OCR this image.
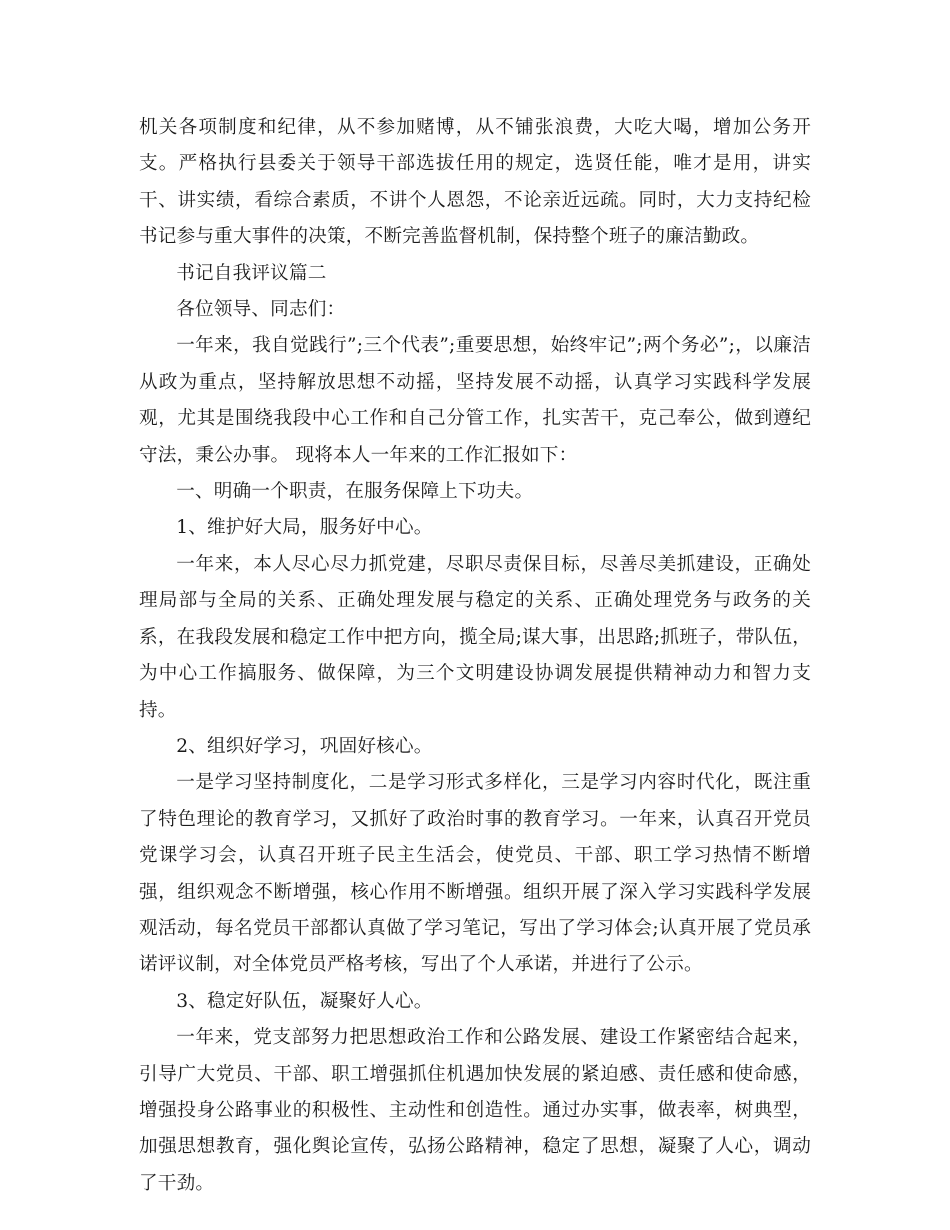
机关各项制度和纪律，从不参加赌博，从不铺张浪费，大吃大喝，增加公务开支。严格执行县委关于领导干部选拔任用的规定，选贤任能，唯才是用，讲实干、讲实绩，看综合素质，不讲个人恩怨，不论亲近远疏。同时，大力支持纪检书记参与重大事件的决策，不断完善监督机制，保持整个班子的廉洁勤政。

书记自我评议篇二

各位领导、同志们：

一年来，我自觉践行”;三个代表”;重要思想，始终牢记”;两个务必”;，以廉洁从政为重点，坚持解放思想不动摇，坚持发展不动摇，认真学习实践科学发展观，尤其是围绕我段中心工作和自己分管工作，扎实苦干，克己奉公，做到遵纪守法，秉公办事。 现将本人一年来的工作汇报如下：

一、明确一个职责，在服务保障上下功夫。

1、维护好大局，服务好中心。

一年来，本人尽心尽力抓党建，尽职尽责保目标，尽善尽美抓建设，正确处理局部与全局的关系、正确处理发展与稳定的关系、正确处理党务与政务的关系，在我段发展和稳定工作中把方向，揽全局;谋大事，出思路;抓班子，带队伍，为中心工作搞服务、做保障，为三个文明建设协调发展提供精神动力和智力支持。

2、组织好学习，巩固好核心。

一是学习坚持制度化，二是学习形式多样化，三是学习内容时代化，既注重了特色理论的教育学习，又抓好了政治时事的教育学习。一年来，认真召开党员党课学习会，认真召开班子民主生活会，使党员、干部、职工学习热情不断增强，组织观念不断增强，核心作用不断增强。组织开展了深入学习实践科学发展观活动，每名党员干部都认真做了学习笔记，写出了学习体会;认真开展了党员承诺评议制，对全体党员严格考核，写出了个人承诺，并进行了公示。

3、稳定好队伍，凝聚好人心。

一年来，党支部努力把思想政治工作和公路发展、建设工作紧密结合起来，引导广大党员、干部、职工增强抓住机遇加快发展的紧迫感、责任感和使命感，增强投身公路事业的积极性、主动性和创造性。通过办实事，做表率，树典型，加强思想教育，强化舆论宣传，弘扬公路精神，稳定了思想，凝聚了人心，调动了干劲。
